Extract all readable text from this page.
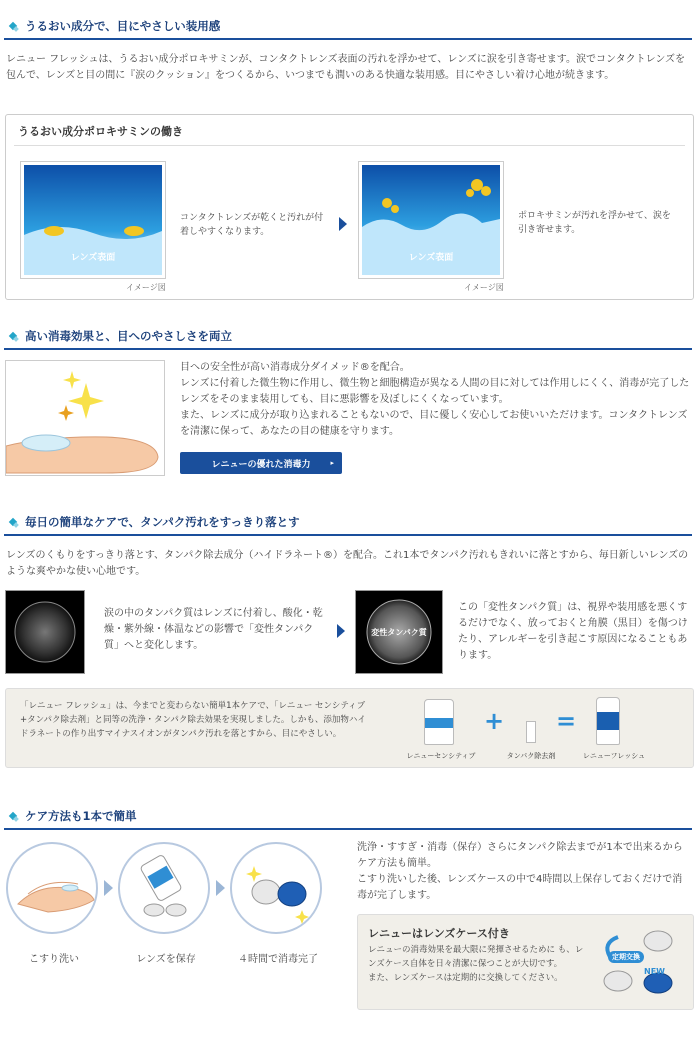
うるおい成分で、目にやさしい装用感

レニュー フレッシュは、うるおい成分ポロキサミンが、コンタクトレンズ表面の汚れを浮かせて、レンズに涙を引き寄せます。涙でコンタクトレンズを包んで、レンズと目の間に『涙のクッション』をつくるから、いつまでも潤いのある快適な装用感。目にやさしい着け心地が続きます。

うるおい成分ポロキサミンの働き
レンズ表面
イメージ図
コンタクトレンズが乾くと汚れが付着しやすくなります。
レンズ表面
イメージ図
ポロキサミンが汚れを浮かせて、涙を引き寄せます。
高い消毒効果と、目へのやさしさを両立

目への安全性が高い消毒成分ダイメッド®を配合。
レンズに付着した微生物に作用し、微生物と細胞構造が異なる人間の目に対しては作用しにくく、消毒が完了したレンズをそのまま装用しても、目に悪影響を及ぼしにくくなっています。
また、レンズに成分が取り込まれることもないので、目に優しく安心してお使いいただけます。コンタクトレンズを清潔に保って、あなたの目の健康を守ります。

レニューの優れた消毒力	▸
毎日の簡単なケアで、タンパク汚れをすっきり落とす

レンズのくもりをすっきり落とす、タンパク除去成分（ハイドラネート®）を配合。これ1本でタンパク汚れもきれいに落とすから、毎日新しいレンズのような爽やかな使い心地です。

涙の中のタンパク質はレンズに付着し、酸化・乾燥・紫外線・体温などの影響で「変性タンパク質」へと変化します。
変性タンパク質
この「変性タンパク質」は、視界や装用感を悪くするだけでなく、放っておくと角膜（黒目）を傷つけたり、アレルギーを引き起こす原因になることもあります。
「レニュー フレッシュ」は、今までと変わらない簡単1本ケアで、「レニュー センシティブ+タンパク除去剤」と同等の洗浄・タンパク除去効果を実現しました。しかも、添加物ハイドラネートの作り出すマイナスイオンがタンパク汚れを落とすから、目にやさしい。
レニューセンシティブ
+
タンパク除去剤
=
レニューフレッシュ
ケア方法も1本で簡単
こすり洗い	レンズを保存	４時間で消毒完了

洗浄・すすぎ・消毒（保存）さらにタンパク除去までが1本で出来るからケア方法も簡単。
こすり洗いした後、レンズケースの中で4時間以上保存しておくだけで消毒が完了します。

レニューはレンズケース付き
レニューの消毒効果を最大限に発揮させるために も、レンズケース自体を日々清潔に保つことが大切です。
また、レンズケースは定期的に交換してください。
定期交換
NEW
